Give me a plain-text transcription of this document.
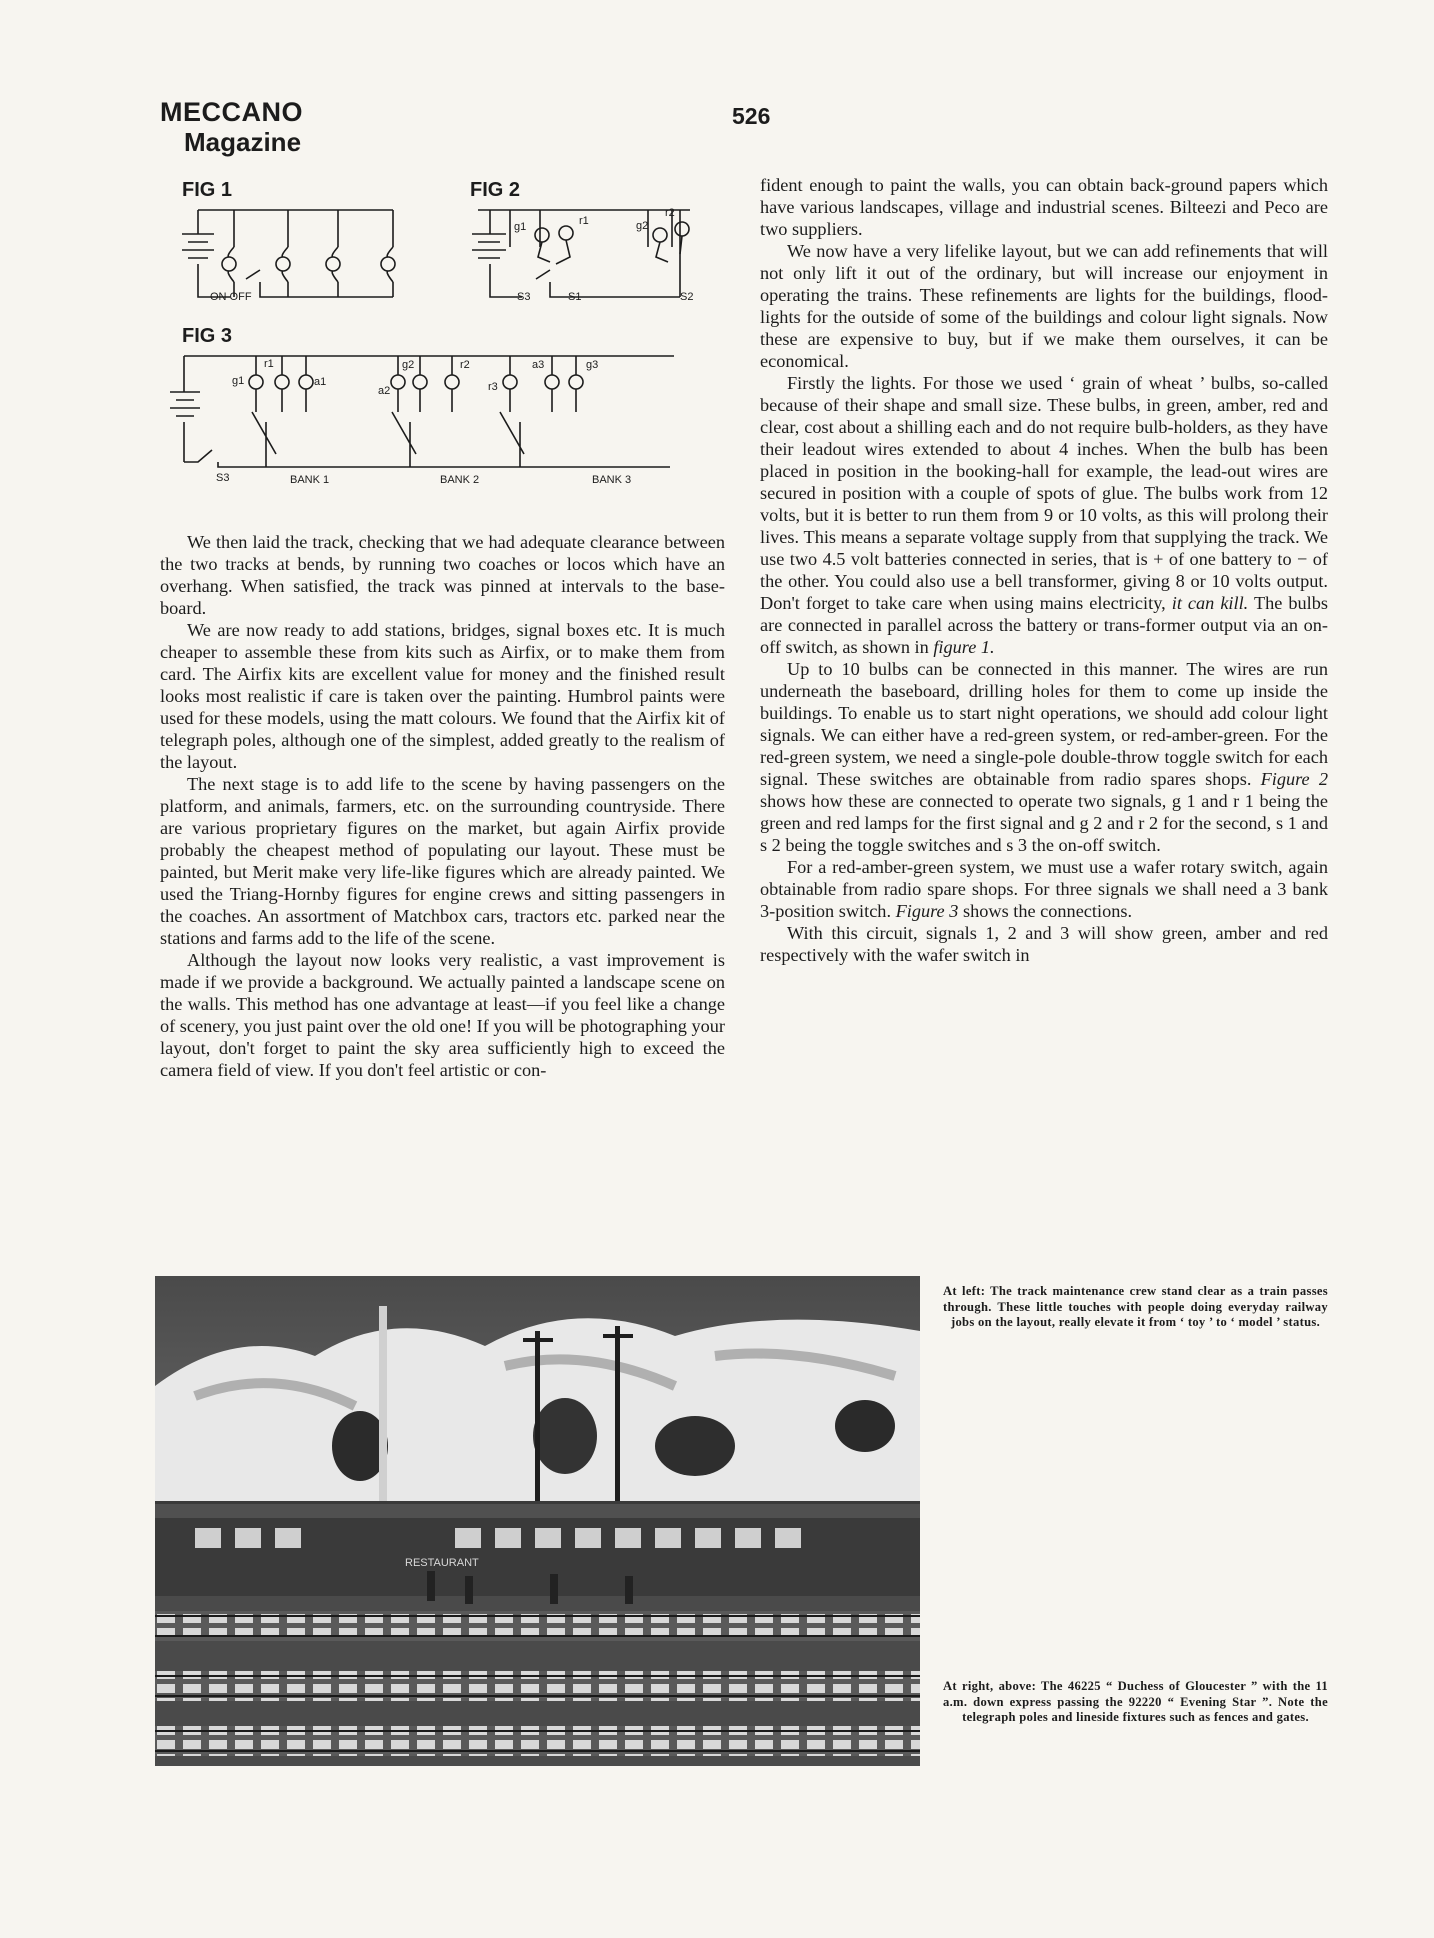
MECCANO
Magazine
526
FIG 1
ON OFF
FIG 2
g1	r1	g2
r2
S3	S1	S2
FIG 3
g1
r1
a1
a2
g2	r2
r3
a3	g3
S3	BANK 1	BANK 2	BANK 3

We then laid the track, checking that we had adequate clearance between the two tracks at bends, by running two coaches or locos which have an overhang. When satisfied, the track was pinned at intervals to the base-board.

We are now ready to add stations, bridges, signal boxes etc. It is much cheaper to assemble these from kits such as Airfix, or to make them from card. The Airfix kits are excellent value for money and the finished result looks most realistic if care is taken over the painting. Humbrol paints were used for these models, using the matt colours. We found that the Airfix kit of telegraph poles, although one of the simplest, added greatly to the realism of the layout.

The next stage is to add life to the scene by having passengers on the platform, and animals, farmers, etc. on the surrounding countryside. There are various proprietary figures on the market, but again Airfix provide probably the cheapest method of populating our layout. These must be painted, but Merit make very life-like figures which are already painted. We used the Triang-Hornby figures for engine crews and sitting passengers in the coaches. An assortment of Matchbox cars, tractors etc. parked near the stations and farms add to the life of the scene.

Although the layout now looks very realistic, a vast improvement is made if we provide a background. We actually painted a landscape scene on the walls. This method has one advantage at least—if you feel like a change of scenery, you just paint over the old one! If you will be photographing your layout, don't forget to paint the sky area sufficiently high to exceed the camera field of view. If you don't feel artistic or con-

fident enough to paint the walls, you can obtain back-ground papers which have various landscapes, village and industrial scenes. Bilteezi and Peco are two suppliers.

We now have a very lifelike layout, but we can add refinements that will not only lift it out of the ordinary, but will increase our enjoyment in operating the trains. These refinements are lights for the buildings, flood-lights for the outside of some of the buildings and colour light signals. Now these are expensive to buy, but if we make them ourselves, it can be economical.

Firstly the lights. For those we used ‘ grain of wheat ’ bulbs, so-called because of their shape and small size. These bulbs, in green, amber, red and clear, cost about a shilling each and do not require bulb-holders, as they have their leadout wires extended to about 4 inches. When the bulb has been placed in position in the booking-hall for example, the lead-out wires are secured in position with a couple of spots of glue. The bulbs work from 12 volts, but it is better to run them from 9 or 10 volts, as this will prolong their lives. This means a separate voltage supply from that supplying the track. We use two 4.5 volt batteries connected in series, that is + of one battery to − of the other. You could also use a bell transformer, giving 8 or 10 volts output. Don't forget to take care when using mains electricity, it can kill. The bulbs are connected in parallel across the battery or trans-former output via an on-off switch, as shown in figure 1.

Up to 10 bulbs can be connected in this manner. The wires are run underneath the baseboard, drilling holes for them to come up inside the buildings. To enable us to start night operations, we should add colour light signals. We can either have a red-green system, or red-amber-green. For the red-green system, we need a single-pole double-throw toggle switch for each signal. These switches are obtainable from radio spares shops. Figure 2 shows how these are connected to operate two signals, g 1 and r 1 being the green and red lamps for the first signal and g 2 and r 2 for the second, s 1 and s 2 being the toggle switches and s 3 the on-off switch.

For a red-amber-green system, we must use a wafer rotary switch, again obtainable from radio spare shops. For three signals we shall need a 3 bank 3-position switch. Figure 3 shows the connections.

With this circuit, signals 1, 2 and 3 will show green, amber and red respectively with the wafer switch in

RESTAURANT
At left: The track maintenance crew stand clear as a train passes through. These little touches with people doing everyday railway jobs on the layout, really elevate it from ‘ toy ’ to ‘ model ’ status.
At right, above: The 46225 “ Duchess of Gloucester ” with the 11 a.m. down express passing the 92220 “ Evening Star ”. Note the telegraph poles and lineside fixtures such as fences and gates.
